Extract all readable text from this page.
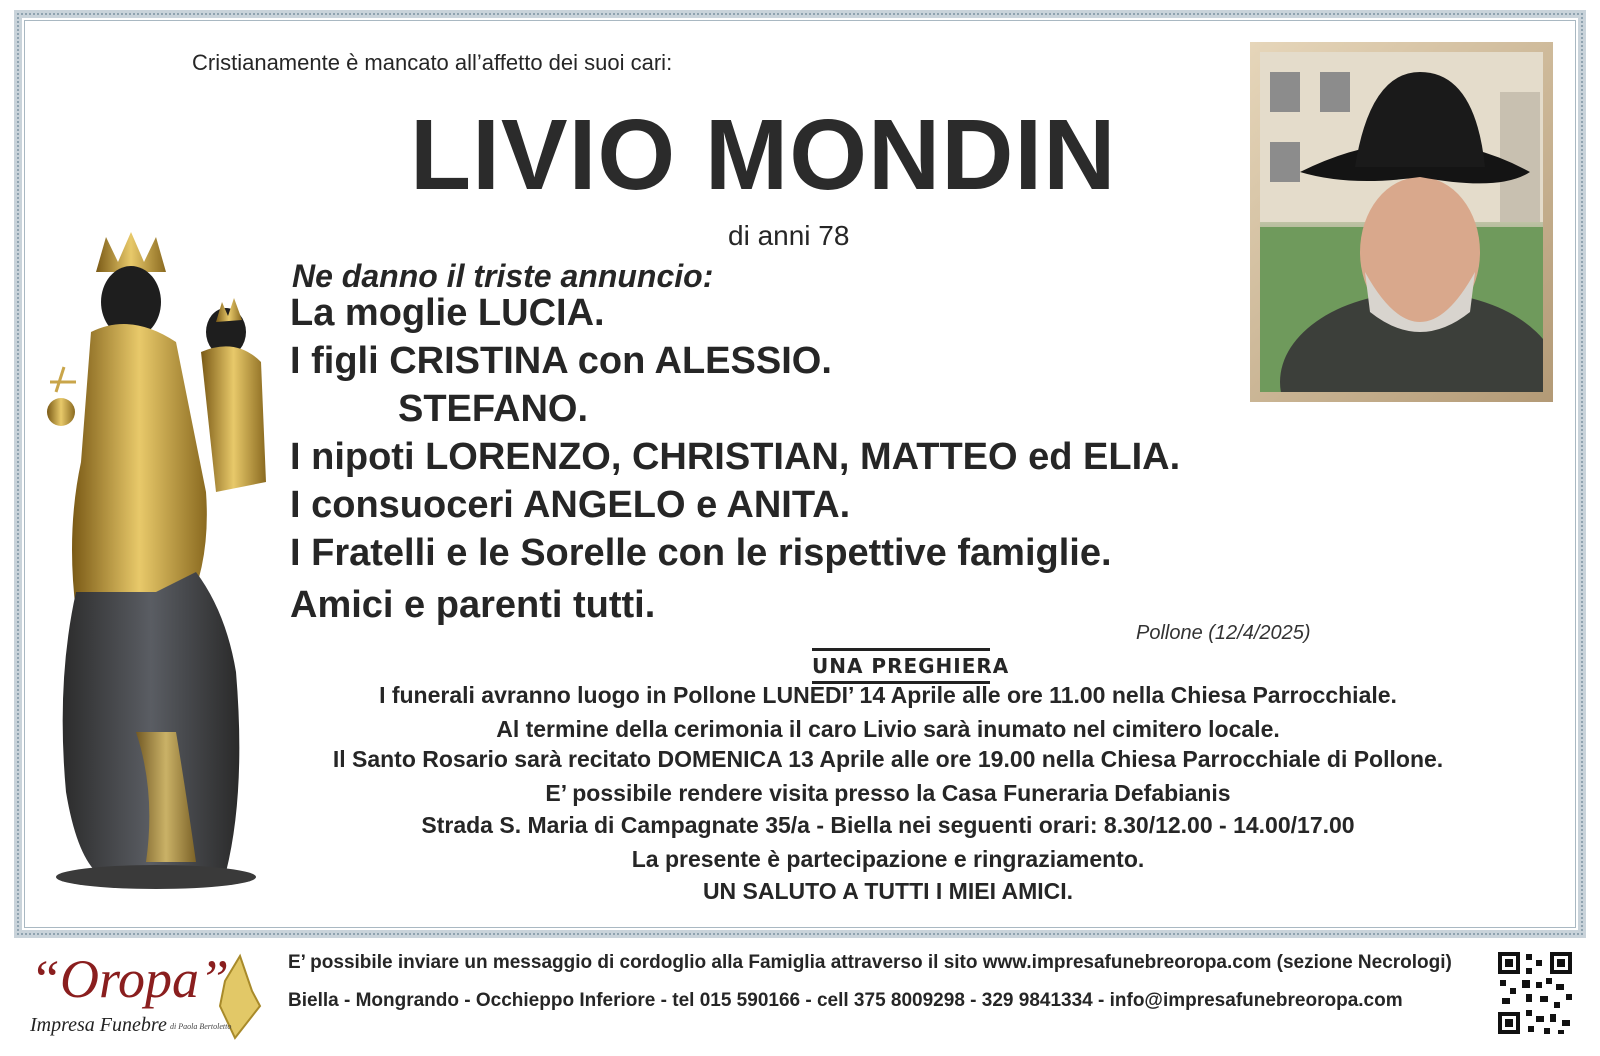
Cristianamente è mancato all’affetto dei suoi cari:
LIVIO MONDIN
di anni 78
Ne danno il triste annuncio:
La moglie LUCIA.
I figli CRISTINA con ALESSIO.
STEFANO.
I nipoti LORENZO, CHRISTIAN, MATTEO ed ELIA.
I consuoceri ANGELO e ANITA.
I Fratelli e le Sorelle con le rispettive famiglie.
Amici e parenti tutti.
Pollone (12/4/2025)
UNA PREGHIERA
I funerali avranno luogo in Pollone LUNEDI’ 14 Aprile alle ore 11.00 nella Chiesa Parrocchiale.
Al termine della cerimonia il caro Livio sarà inumato nel cimitero locale.
Il Santo Rosario sarà recitato DOMENICA 13 Aprile alle ore 19.00 nella Chiesa Parrocchiale di Pollone.
E’ possibile rendere visita presso la Casa Funeraria Defabianis
Strada S. Maria di Campagnate 35/a - Biella nei seguenti orari: 8.30/12.00 - 14.00/17.00
La presente è partecipazione e ringraziamento.
UN SALUTO A TUTTI I MIEI AMICI.
“Oropa”
Impresa Funebre di Paola Bertoletto
E’ possibile inviare un messaggio di cordoglio alla Famiglia attraverso il sito www.impresafunebreoropa.com (sezione Necrologi)
Biella - Mongrando - Occhieppo Inferiore - tel 015 590166 - cell 375 8009298 - 329 9841334 - info@impresafunebreoropa.com
